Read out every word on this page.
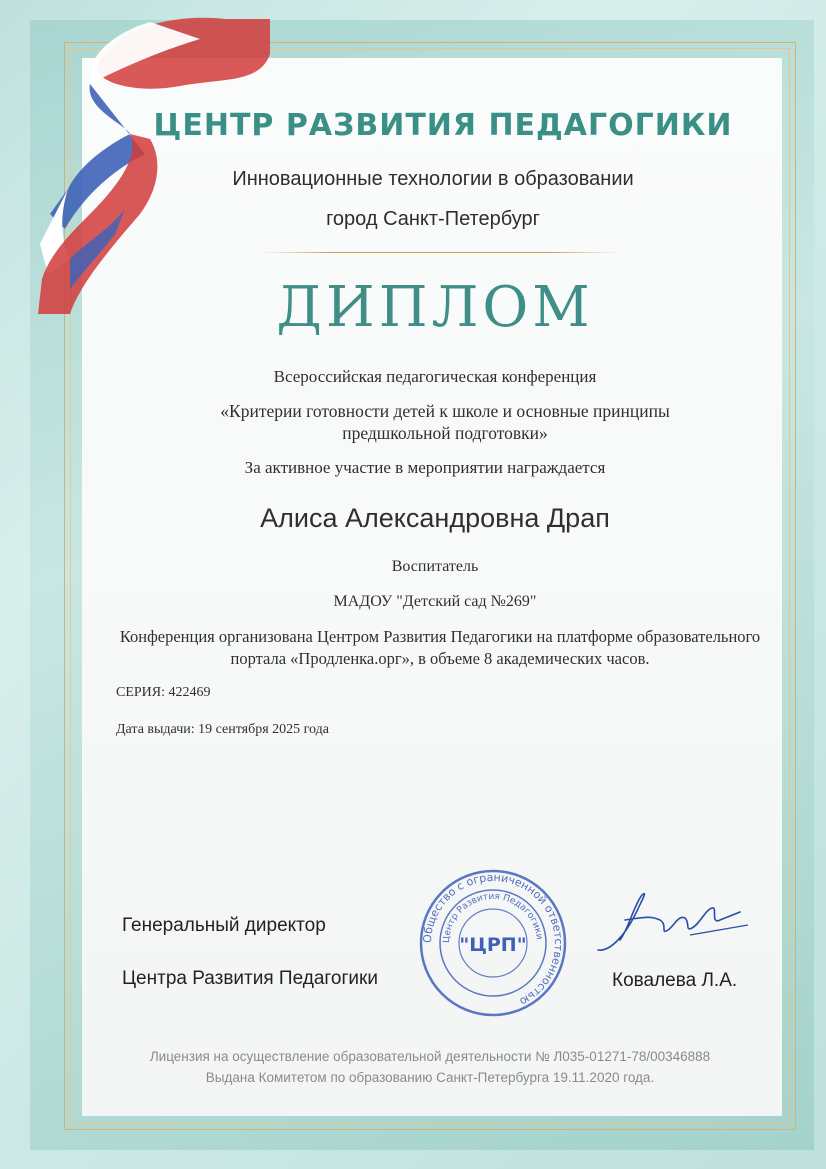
ЦЕНТР РАЗВИТИЯ ПЕДАГОГИКИ
Инновационные технологии в образовании
город Санкт-Петербург
ДИПЛОМ
Всероссийская педагогическая конференция
«Критерии готовности детей к школе и основные принципы предшкольной подготовки»
За активное участие в мероприятии награждается
Алиса Александровна Драп
Воспитатель
МАДОУ "Детский сад №269"
Конференция организована Центром Развития Педагогики на платформе образовательного портала «Продленка.орг», в объеме 8 академических часов.
СЕРИЯ: 422469
Дата выдачи: 19 сентября 2025 года
Генеральный директор
Центра Развития Педагогики	Ковалева Л.А.
Общество с ограниченной ответственностью
Центр Развития Педагогики
"ЦРП"
Лицензия на осуществление образовательной деятельности № Л035-01271-78/00346888
Выдана Комитетом по образованию Санкт-Петербурга 19.11.2020 года.
